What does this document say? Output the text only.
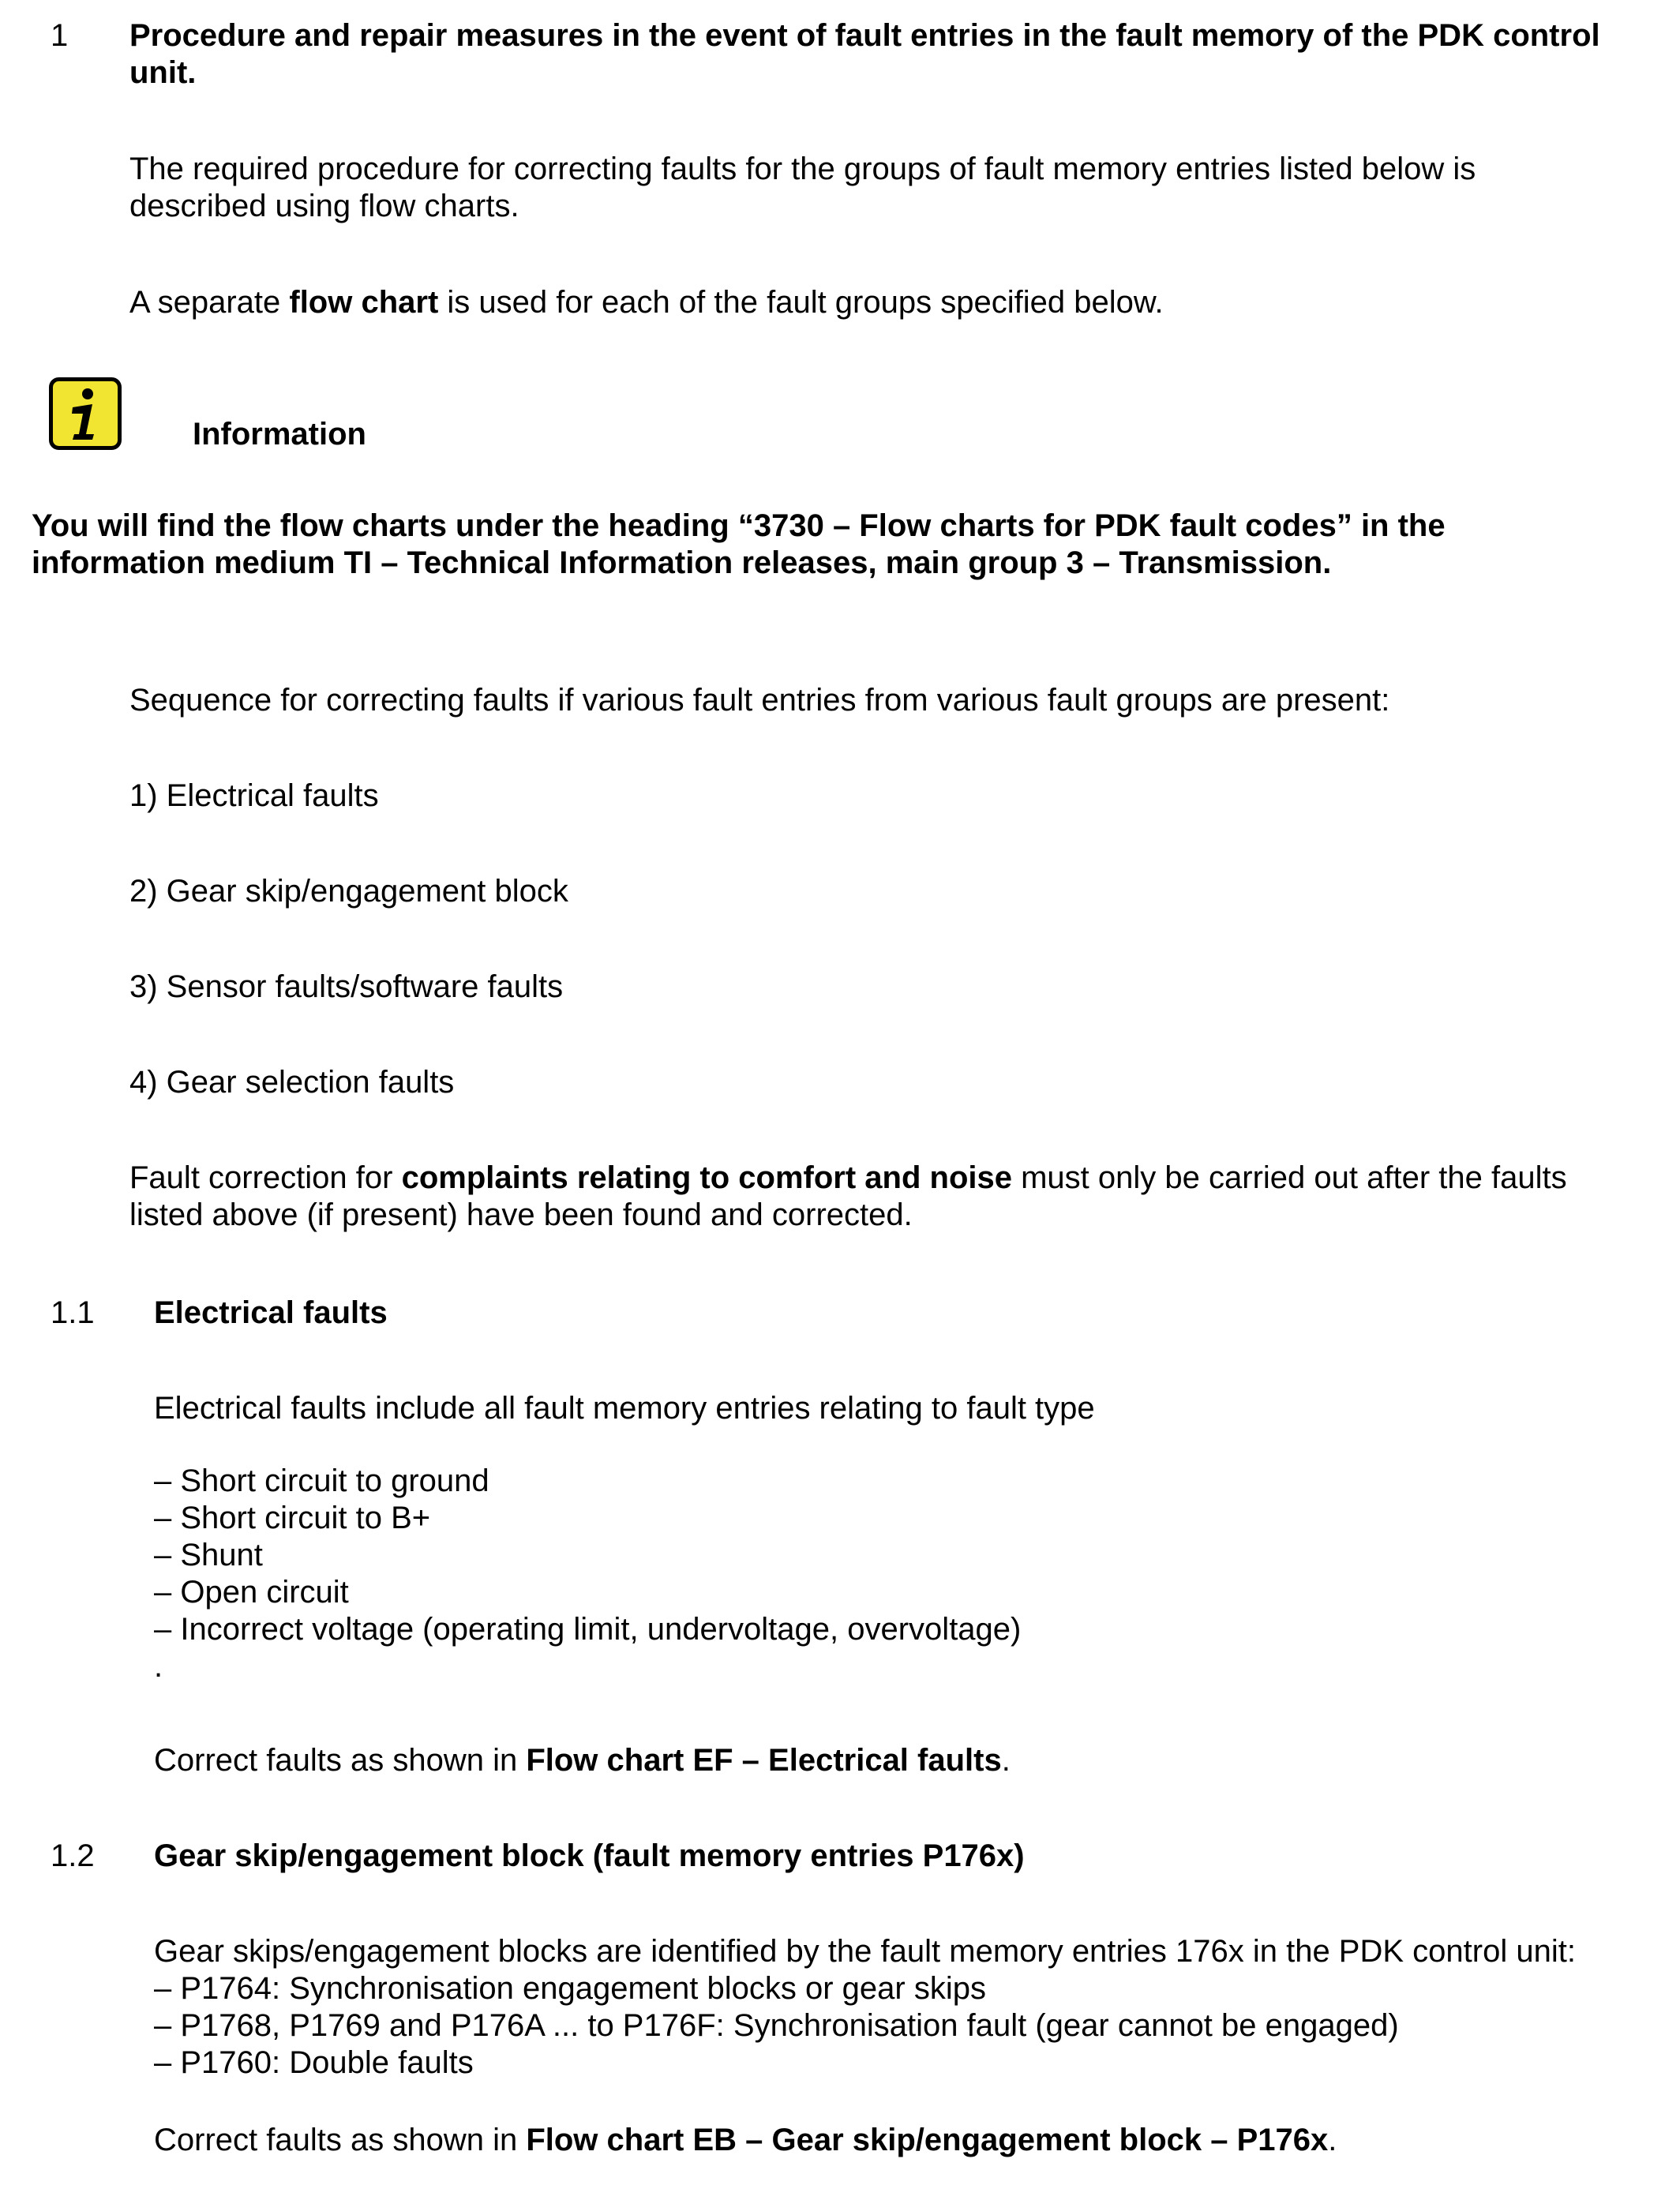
1 Procedure and repair measures in the event of fault entries in the fault memory of the PDK control

unit.

The required procedure for correcting faults for the groups of fault memory entries listed below is

described using flow charts.

A separate flow chart is used for each of the fault groups specified below.

Information

You will find the flow charts under the heading “3730 – Flow charts for PDK fault codes” in the

information medium TI – Technical Information releases, main group 3 – Transmission.

Sequence for correcting faults if various fault entries from various fault groups are present:

1) Electrical faults

2) Gear skip/engagement block

3) Sensor faults/software faults

4) Gear selection faults

Fault correction for complaints relating to comfort and noise must only be carried out after the faults

listed above (if present) have been found and corrected.

1.1 Electrical faults

Electrical faults include all fault memory entries relating to fault type

– Short circuit to ground

– Short circuit to B+

– Shunt

– Open circuit

– Incorrect voltage (operating limit, undervoltage, overvoltage)

.

Correct faults as shown in Flow chart EF – Electrical faults.

1.2 Gear skip/engagement block (fault memory entries P176x)

Gear skips/engagement blocks are identified by the fault memory entries 176x in the PDK control unit:

– P1764: Synchronisation engagement blocks or gear skips

– P1768, P1769 and P176A ... to P176F: Synchronisation fault (gear cannot be engaged)

– P1760: Double faults

Correct faults as shown in Flow chart EB – Gear skip/engagement block – P176x.
